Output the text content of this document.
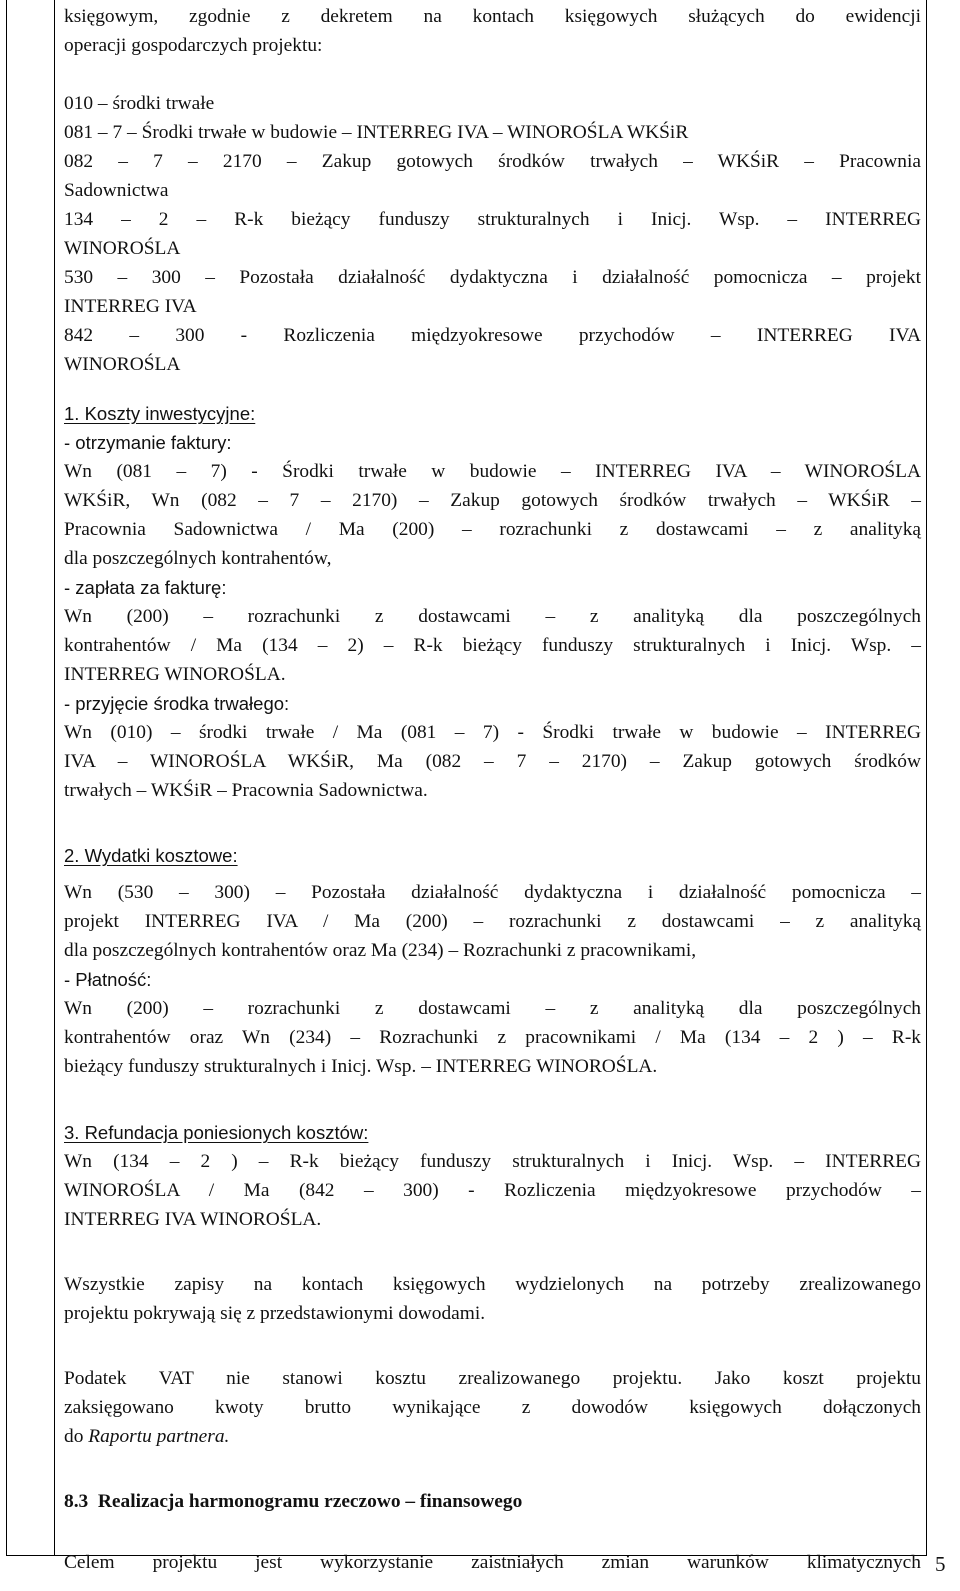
księgowym, zgodnie z dekretem na kontach księgowych służących do ewidencji

operacji gospodarczych projektu:

010 – środki trwałe

081 – 7 – Środki trwałe w budowie – INTERREG IVA – WINOROŚLA WKŚiR

082 – 7 – 2170 – Zakup gotowych środków trwałych – WKŚiR – Pracownia

Sadownictwa

134 – 2 – R-k bieżący funduszy strukturalnych i Inicj. Wsp. – INTERREG

WINOROŚLA

530 – 300 – Pozostała działalność dydaktyczna i działalność pomocnicza – projekt

INTERREG IVA

842 – 300 - Rozliczenia międzyokresowe przychodów – INTERREG IVA

WINOROŚLA

1. Koszty inwestycyjne:

- otrzymanie faktury:

Wn (081 – 7) - Środki trwałe w budowie – INTERREG IVA – WINOROŚLA

WKŚiR, Wn (082 – 7 – 2170) – Zakup gotowych środków trwałych – WKŚiR –

Pracownia Sadownictwa / Ma (200) – rozrachunki z dostawcami – z analityką

dla poszczególnych kontrahentów,

- zapłata za fakturę:

Wn (200) – rozrachunki z dostawcami – z analityką dla poszczególnych

kontrahentów / Ma (134 – 2) – R-k bieżący funduszy strukturalnych i Inicj. Wsp. –

INTERREG WINOROŚLA.

- przyjęcie środka trwałego:

Wn (010) – środki trwałe / Ma (081 – 7) - Środki trwałe w budowie – INTERREG

IVA – WINOROŚLA WKŚiR, Ma (082 – 7 – 2170) – Zakup gotowych środków

trwałych – WKŚiR – Pracownia Sadownictwa.

2. Wydatki kosztowe:

Wn (530 – 300) – Pozostała działalność dydaktyczna i działalność pomocnicza –

projekt INTERREG IVA / Ma (200) – rozrachunki z dostawcami – z analityką

dla poszczególnych kontrahentów oraz Ma (234) – Rozrachunki z pracownikami,

- Płatność:

Wn (200) – rozrachunki z dostawcami – z analityką dla poszczególnych

kontrahentów oraz Wn (234) – Rozrachunki z pracownikami / Ma (134 – 2 ) – R-k

bieżący funduszy strukturalnych i Inicj. Wsp. – INTERREG WINOROŚLA.

3. Refundacja poniesionych kosztów:

Wn (134 – 2 ) – R-k bieżący funduszy strukturalnych i Inicj. Wsp. – INTERREG

WINOROŚLA / Ma (842 – 300) - Rozliczenia międzyokresowe przychodów –

INTERREG IVA WINOROŚLA.

Wszystkie zapisy na kontach księgowych wydzielonych na potrzeby zrealizowanego

projektu pokrywają się z przedstawionymi dowodami.

Podatek VAT nie stanowi kosztu zrealizowanego projektu. Jako koszt projektu

zaksięgowano kwoty brutto wynikające z dowodów księgowych dołączonych

do Raportu partnera.

8.3  Realizacja harmonogramu rzeczowo – finansowego

Celem projektu jest wykorzystanie zaistniałych zmian warunków klimatycznych 5
